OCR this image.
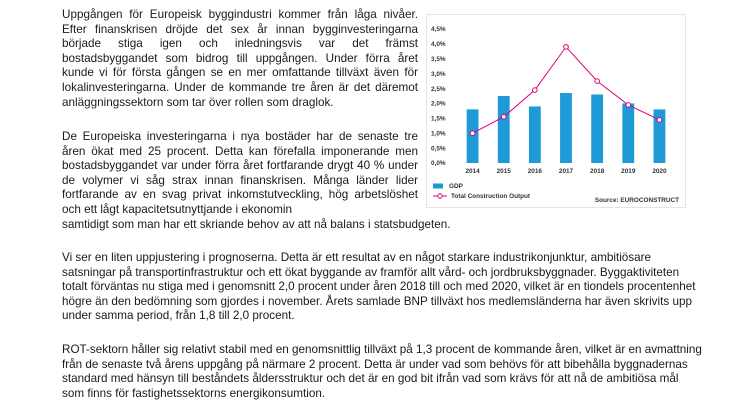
Uppgången för Europeisk byggindustri kommer från låga nivåer. Efter finanskrisen dröjde det sex år innan bygginvesteringarna började stiga igen och inledningsvis var det främst bostadsbyggandet som bidrog till uppgången. Under förra året kunde vi för första gången se en mer omfattande tillväxt även för lokalinvesteringarna. Under de kommande tre åren är det däremot anläggningssektorn som tar över rollen som draglok.

De Europeiska investeringarna i nya bostäder har de senaste tre åren ökat med 25 procent. Detta kan förefalla imponerande men bostadsbyggandet var under förra året fortfarande drygt 40 % under de volymer vi såg strax innan finanskrisen. Många länder lider fortfarande av en svag privat inkomstutveckling, hög arbetslöshet och ett lågt kapacitetsutnyttjande i ekonomin

samtidigt som man har ett skriande behov av att nå balans i statsbudgeten.

Vi ser en liten uppjustering i prognoserna. Detta är ett resultat av en något starkare industrikonjunktur, ambitiösare satsningar på transportinfrastruktur och ett ökat byggande av framför allt vård- och jordbruksbyggnader. Byggaktiviteten totalt förväntas nu stiga med i genomsnitt 2,0 procent under åren 2018 till och med 2020, vilket är en tiondels procentenhet högre än den bedömning som gjordes i november. Årets samlade BNP tillväxt hos medlemsländerna har även skrivits upp under samma period, från 1,8 till 2,0 procent.

ROT-sektorn håller sig relativt stabil med en genomsnittlig tillväxt på 1,3 procent de kommande åren, vilket är en avmattning från de senaste två årens uppgång på närmare 2 procent. Detta är under vad som behövs för att bibehålla byggnadernas standard med hänsyn till beståndets åldersstruktur och det är en god bit ifrån vad som krävs för att nå de ambitiösa mål som finns för fastighetssektorns energikonsumtion.

0,0%
0,5%
1,0%
1,5%
2,0%
2,5%
3,0%
3,5%
4,0%
4,5%
2014	2015	2016	2017	2018	2019	2020
GDP
Total Construction Output
Source: EUROCONSTRUCT
